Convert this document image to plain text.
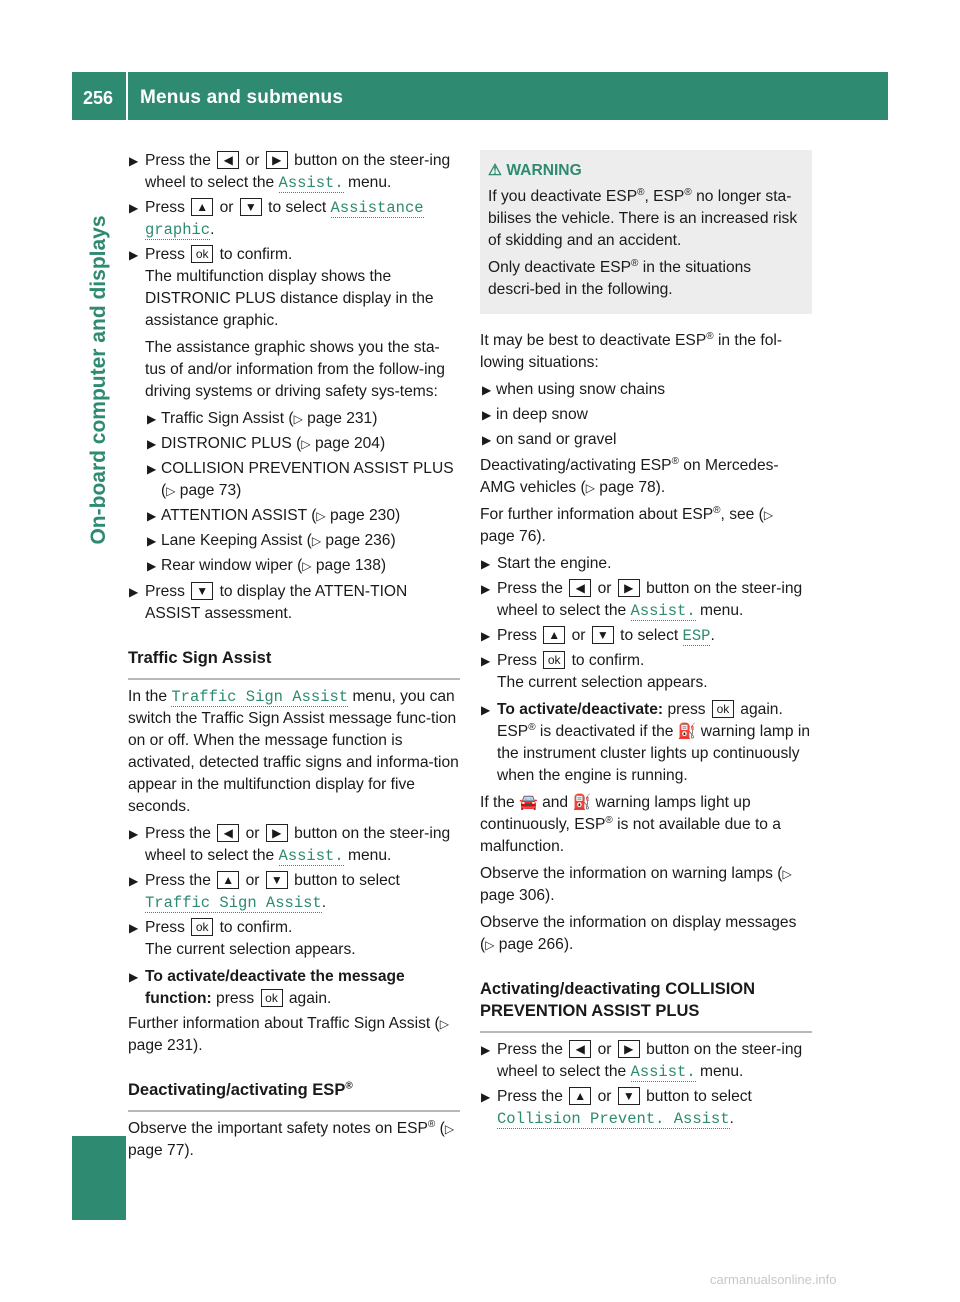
256	Menus and submenus
On-board computer and displays
▶ Press the ◀ or ▶ button on the steer-ing wheel to select the Assist. menu.
▶ Press ▲ or ▼ to select Assistance graphic.
▶ Press ok to confirm.

The multifunction display shows the DISTRONIC PLUS distance display in the assistance graphic.

The assistance graphic shows you the sta-tus of and/or information from the follow-ing driving systems or driving safety sys-tems:

▶ Traffic Sign Assist (▷ page 231)
▶ DISTRONIC PLUS (▷ page 204)
▶ COLLISION PREVENTION ASSIST PLUS (▷ page 73)
▶ ATTENTION ASSIST (▷ page 230)
▶ Lane Keeping Assist (▷ page 236)
▶ Rear window wiper (▷ page 138)
▶ Press ▼ to display the ATTEN-TION ASSIST assessment.
Traffic Sign Assist

In the Traffic Sign Assist menu, you can switch the Traffic Sign Assist message func-tion on or off. When the message function is activated, detected traffic signs and informa-tion appear in the multifunction display for five seconds.

▶ Press the ◀ or ▶ button on the steer-ing wheel to select the Assist. menu.
▶ Press the ▲ or ▼ button to select Traffic Sign Assist.
▶ Press ok to confirm.

The current selection appears.

▶ To activate/deactivate the message function: press ok again.

Further information about Traffic Sign Assist (▷ page 231).

Deactivating/activating ESP®

Observe the important safety notes on ESP® (▷ page 77).

⚠ WARNING

If you deactivate ESP®, ESP® no longer sta-bilises the vehicle. There is an increased risk of skidding and an accident.

Only deactivate ESP® in the situations descri-bed in the following.

It may be best to deactivate ESP® in the fol-lowing situations:

▶ when using snow chains
▶ in deep snow
▶ on sand or gravel

Deactivating/activating ESP® on Mercedes-AMG vehicles (▷ page 78).

For further information about ESP®, see (▷ page 76).

▶ Start the engine.
▶ Press the ◀ or ▶ button on the steer-ing wheel to select the Assist. menu.
▶ Press ▲ or ▼ to select ESP.
▶ Press ok to confirm.

The current selection appears.

▶ To activate/deactivate: press ok again.

ESP® is deactivated if the ⛽ warning lamp in the instrument cluster lights up continuously when the engine is running.

If the 🚘 and ⛽ warning lamps light up continuously, ESP® is not available due to a malfunction.

Observe the information on warning lamps (▷ page 306).

Observe the information on display messages (▷ page 266).

Activating/deactivating COLLISION PREVENTION ASSIST PLUS
▶ Press the ◀ or ▶ button on the steer-ing wheel to select the Assist. menu.
▶ Press the ▲ or ▼ button to select Collision Prevent. Assist.
carmanualsonline.info
